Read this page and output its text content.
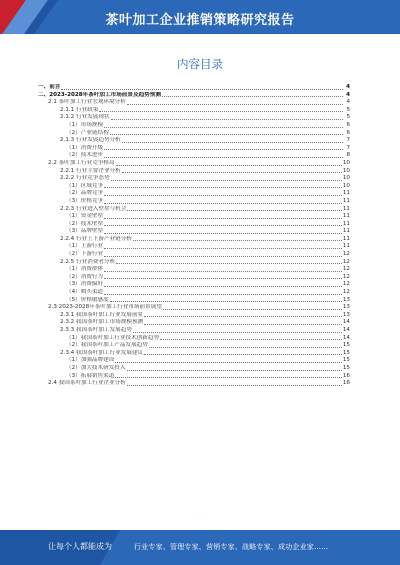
茶叶加工企业推销策略研究报告
内容目录
一、前言	4
二、2023-2028年茶叶加工市场前景及趋势预测	4
2.1 茶叶加工行业宏观环境分析	4
2.1.1 行业政策	5
2.1.2 行业发展现状	5
（1）市场规模	6
（2）产业链结构	6
2.1.3 行业发展趋势分析	7
（1）消费升级	7
（2）技术进步	8
2.2 茶叶加工行业竞争格局	10
2.2.1 行业主要企业分析	10
2.2.2 行业竞争态势	10
（1）区域竞争	10
（2）品牌竞争	11
（3）价格竞争	11
2.2.3 行业进入壁垒与机会	11
（1）资金壁垒	11
（2）技术壁垒	11
（3）品牌壁垒	11
2.2.4 行业上下游产业链分析	11
（1）上游行业	11
（2）下游行业	12
2.2.5 行业消费者分析	12
（1）消费群体	12
（2）消费行为	12
（3）消费偏好	12
（4）购买渠道	12
（5）价格敏感度	13
2.3 2023-2028年茶叶加工行业市场前景展望	13
2.3.1 我国茶叶加工行业发展前景	13
2.3.2 我国茶叶加工市场规模预测	14
2.3.3 我国茶叶加工发展趋势	14
（1）我国茶叶加工行业技术创新趋势	14
（2）我国茶叶加工产品发展趋势	15
2.3.4 我国茶叶加工行业发展建议	15
（1）加强品牌建设	15
（2）加大技术研发投入	15
（3）拓展销售渠道	16
2.4 我国茶叶加工行业企业分析	16
·
让每个人都能成为	行业专家、管理专家、营销专家、战略专家、成功企业家……
